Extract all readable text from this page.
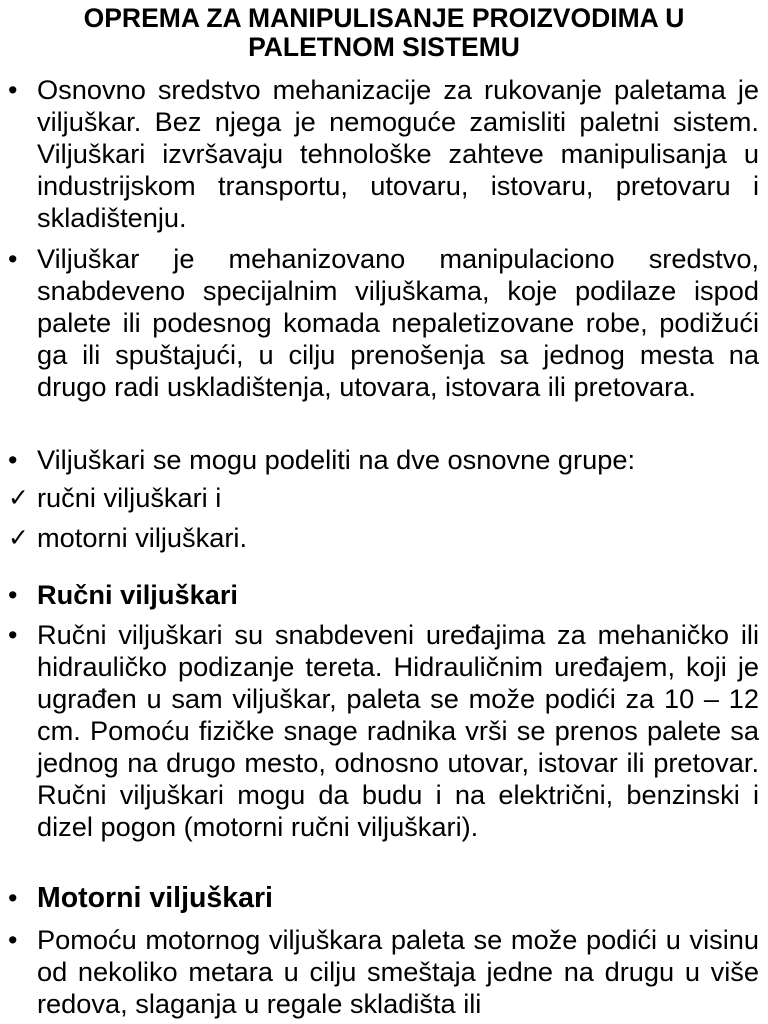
OPREMA ZA MANIPULISANJE PROIZVODIMA U PALETNOM SISTEMU
• Osnovno sredstvo mehanizacije za rukovanje paletama je viljuškar. Bez njega je nemoguće zamisliti paletni sistem. Viljuškari izvršavaju tehnološke zahteve manipulisanja u industrijskom transportu, utovaru, istovaru, pretovaru i skladištenju.
• Viljuškar je mehanizovano manipulaciono sredstvo, snabdeveno specijalnim viljuškama, koje podilaze ispod palete ili podesnog komada nepaletizovane robe, podižući ga ili spuštajući, u cilju prenošenja sa jednog mesta na drugo radi uskladištenja, utovara, istovara ili pretovara.
• Viljuškari se mogu podeliti na dve osnovne grupe:
✓ ručni viljuškari i
✓ motorni viljuškari.
• Ručni viljuškari
• Ručni viljuškari su snabdeveni uređajima za mehaničko ili hidrauličko podizanje tereta. Hidrauličnim uređajem, koji je ugrađen u sam viljuškar, paleta se može podići za 10 – 12 cm. Pomoću fizičke snage radnika vrši se prenos palete sa jednog na drugo mesto, odnosno utovar, istovar ili pretovar. Ručni viljuškari mogu da budu i na električni, benzinski i dizel pogon (motorni ručni viljuškari).
• Motorni viljuškari
• Pomoću motornog viljuškara paleta se može podići u visinu od nekoliko metara u cilju smeštaja jedne na drugu u više redova, slaganja u regale skladišta ili
